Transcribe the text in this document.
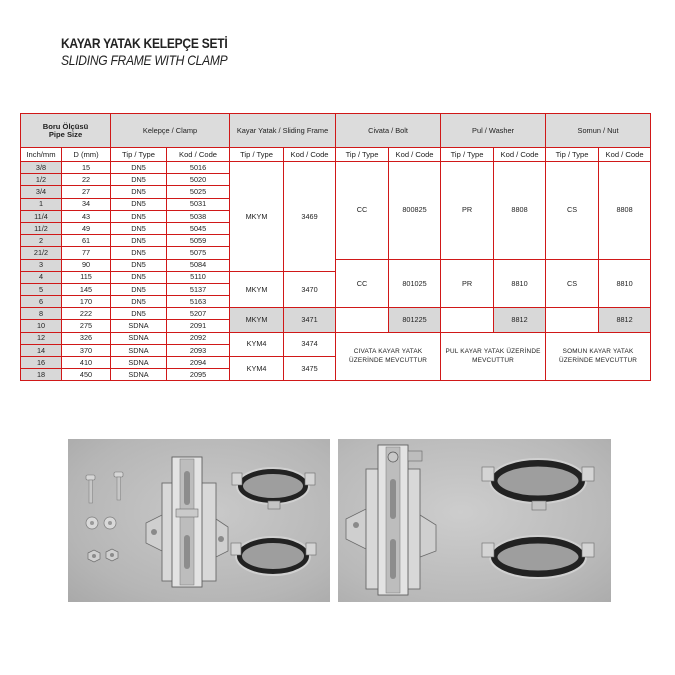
KAYAR YATAK KELEPÇE SETİ
SLIDING FRAME WITH CLAMP
Boru Ölçüsü
Pipe Size		Kelepçe / Clamp		Kayar Yatak / Sliding Frame		Civata / Bolt		Pul / Washer		Somun / Nut	
Inch/mm	D (mm)	Tip / Type	Kod / Code	Tip / Type	Kod / Code	Tip / Type	Kod / Code	Tip / Type	Kod / Code	Tip / Type	Kod / Code
3/8	15	DN5	5016	MKYM	3469	CC	800825	PR	8808	CS	8808
1/2	22	DN5	5020								
3/4	27	DN5	5025								
1	34	DN5	5031								
11/4	43	DN5	5038								
11/2	49	DN5	5045								
2	61	DN5	5059								
21/2	77	DN5	5075								
3	90	DN5	5084			CC	801025	PR	8810	CS	8810
4	115	DN5	5110	MKYM	3470						
5	145	DN5	5137								
6	170	DN5	5163								
8	222	DN5	5207	MKYM	3471		801225		8812		8812
10	275	SDNA	2091								
12	326	SDNA	2092	KYM4	3474	CIVATA KAYAR YATAK ÜZERİNDE MEVCUTTUR		PUL KAYAR YATAK ÜZERİNDE MEVCUTTUR		SOMUN KAYAR YATAK ÜZERİNDE MEVCUTTUR	
14	370	SDNA	2093								
16	410	SDNA	2094	KYM4	3475						
18	450	SDNA	2095								
